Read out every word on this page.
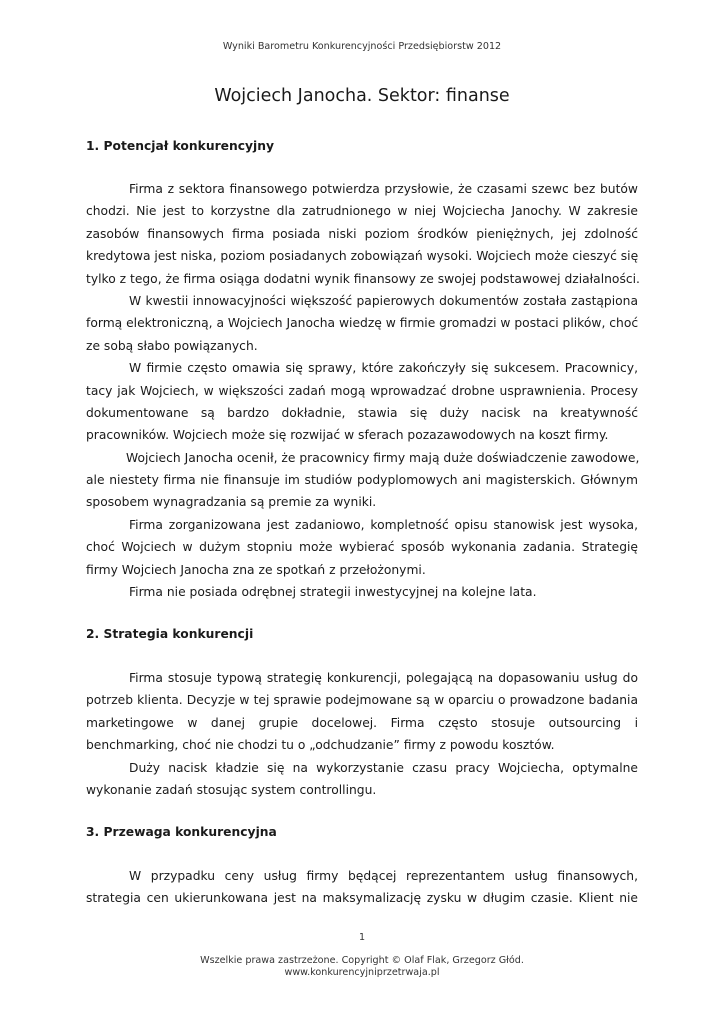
Wyniki Barometru Konkurencyjności Przedsiębiorstw 2012
Wojciech Janocha. Sektor: finanse
1. Potencjał konkurencyjny
Firma z sektora finansowego potwierdza przysłowie, że czasami szewc bez butów
chodzi. Nie jest to korzystne dla zatrudnionego w niej Wojciecha Janochy. W zakresie
zasobów finansowych firma posiada niski poziom środków pieniężnych, jej zdolność
kredytowa jest niska, poziom posiadanych zobowiązań wysoki. Wojciech może cieszyć się
tylko z tego, że firma osiąga dodatni wynik finansowy ze swojej podstawowej działalności.
W kwestii innowacyjności większość papierowych dokumentów została zastąpiona
formą elektroniczną, a Wojciech Janocha wiedzę w firmie gromadzi w postaci plików, choć
ze sobą słabo powiązanych.
W firmie często omawia się sprawy, które zakończyły się sukcesem. Pracownicy,
tacy jak Wojciech, w większości zadań mogą wprowadzać drobne usprawnienia. Procesy
dokumentowane są bardzo dokładnie, stawia się duży nacisk na kreatywność
pracowników. Wojciech może się rozwijać w sferach pozazawodowych na koszt firmy.
Wojciech Janocha ocenił, że pracownicy firmy mają duże doświadczenie zawodowe,
ale niestety firma nie finansuje im studiów podyplomowych ani magisterskich. Głównym
sposobem wynagradzania są premie za wyniki.
Firma zorganizowana jest zadaniowo, kompletność opisu stanowisk jest wysoka,
choć Wojciech w dużym stopniu może wybierać sposób wykonania zadania. Strategię
firmy Wojciech Janocha zna ze spotkań z przełożonymi.
Firma nie posiada odrębnej strategii inwestycyjnej na kolejne lata.
2. Strategia konkurencji
Firma stosuje typową strategię konkurencji, polegającą na dopasowaniu usług do
potrzeb klienta. Decyzje w tej sprawie podejmowane są w oparciu o prowadzone badania
marketingowe w danej grupie docelowej. Firma często stosuje outsourcing i
benchmarking, choć nie chodzi tu o „odchudzanie” firmy z powodu kosztów.
Duży nacisk kładzie się na wykorzystanie czasu pracy Wojciecha, optymalne
wykonanie zadań stosując system controllingu.
3. Przewaga konkurencyjna
W przypadku ceny usług firmy będącej reprezentantem usług finansowych,
strategia cen ukierunkowana jest na maksymalizację zysku w długim czasie. Klient nie
1
Wszelkie prawa zastrzeżone. Copyright © Olaf Flak, Grzegorz Głód.
www.konkurencyjniprzetrwaja.pl
